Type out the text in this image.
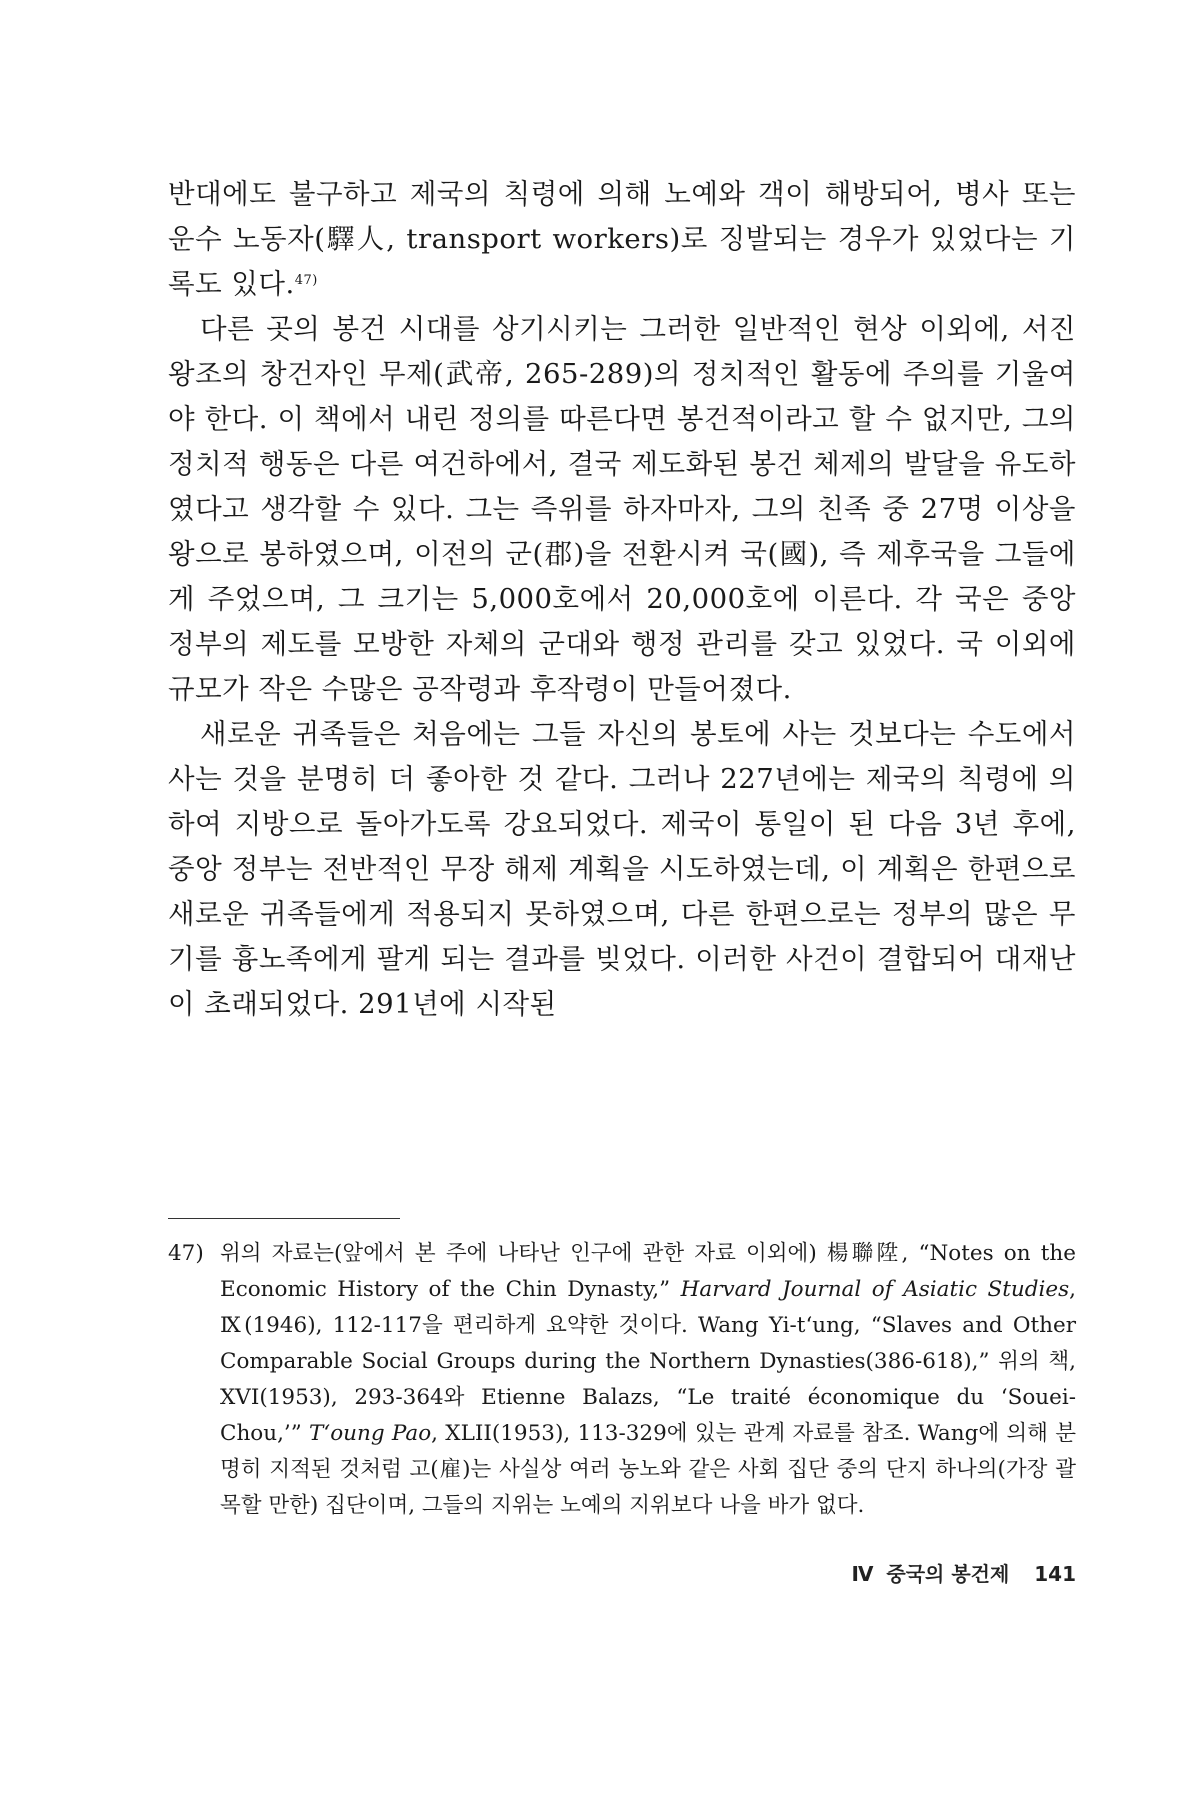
반대에도 불구하고 제국의 칙령에 의해 노예와 객이 해방되어, 병사 또는 운수 노동자(驛人, transport workers)로 징발되는 경우가 있었다는 기록도 있다.$^{47)}$

다른 곳의 봉건 시대를 상기시키는 그러한 일반적인 현상 이외에, 서진 왕조의 창건자인 무제(武帝, 265-289)의 정치적인 활동에 주의를 기울여야 한다. 이 책에서 내린 정의를 따른다면 봉건적이라고 할 수 없지만, 그의 정치적 행동은 다른 여건하에서, 결국 제도화된 봉건 체제의 발달을 유도하였다고 생각할 수 있다. 그는 즉위를 하자마자, 그의 친족 중 27명 이상을 왕으로 봉하였으며, 이전의 군(郡)을 전환시켜 국(國), 즉 제후국을 그들에게 주었으며, 그 크기는 5,000호에서 20,000호에 이른다. 각 국은 중앙 정부의 제도를 모방한 자체의 군대와 행정 관리를 갖고 있었다. 국 이외에 규모가 작은 수많은 공작령과 후작령이 만들어졌다.

새로운 귀족들은 처음에는 그들 자신의 봉토에 사는 것보다는 수도에서 사는 것을 분명히 더 좋아한 것 같다. 그러나 227년에는 제국의 칙령에 의하여 지방으로 돌아가도록 강요되었다. 제국이 통일이 된 다음 3년 후에, 중앙 정부는 전반적인 무장 해제 계획을 시도하였는데, 이 계획은 한편으로 새로운 귀족들에게 적용되지 못하였으며, 다른 한편으로는 정부의 많은 무기를 흉노족에게 팔게 되는 결과를 빚었다. 이러한 사건이 결합되어 대재난이 초래되었다. 291년에 시작된

47) 위의 자료는(앞에서 본 주에 나타난 인구에 관한 자료 이외에) 楊聯陞, “Notes on the Economic History of the Chin Dynasty,” Harvard Journal of Asiatic Studies, Ⅸ(1946), 112-117을 편리하게 요약한 것이다. Wang Yi-t‘ung, “Slaves and Other Comparable Social Groups during the Northern Dynasties(386-618),” 위의 책, XVI(1953), 293-364와 Etienne Balazs, “Le traité économique du ‘Souei-Chou,’” T‘oung Pao, XLII(1953), 113-329에 있는 관계 자료를 참조. Wang에 의해 분명히 지적된 것처럼 고(雇)는 사실상 여러 농노와 같은 사회 집단 중의 단지 하나의(가장 괄목할 만한) 집단이며, 그들의 지위는 노예의 지위보다 나을 바가 없다.
Ⅳ 중국의 봉건제 141
